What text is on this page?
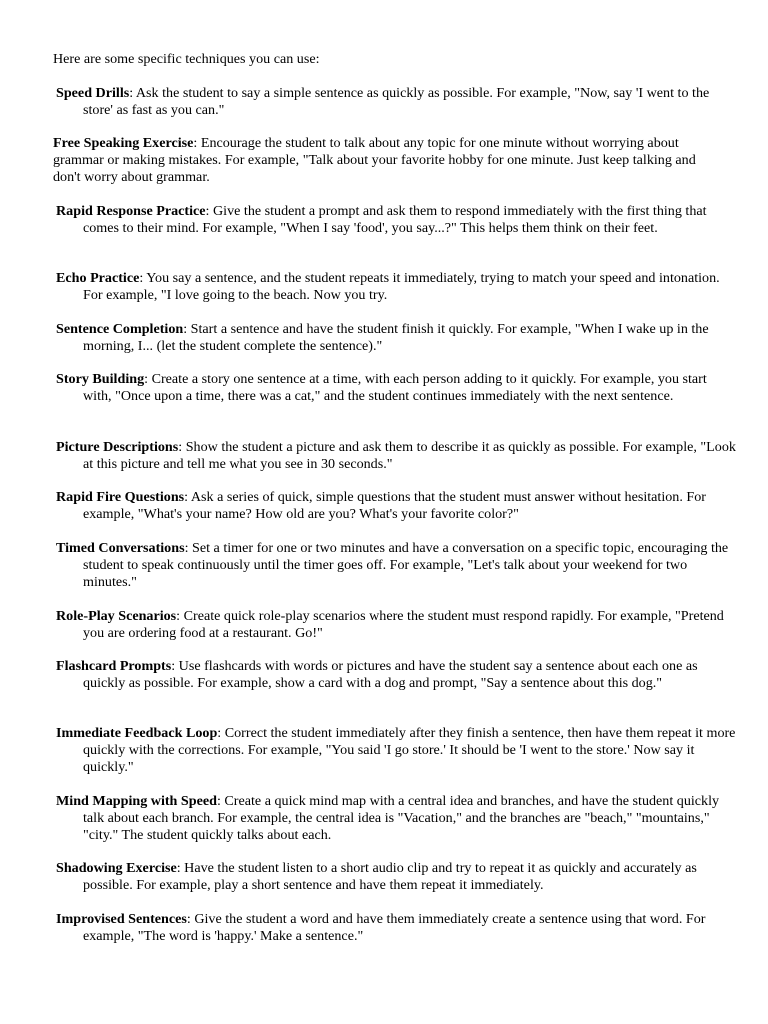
Here are some specific techniques you can use:

Speed Drills: Ask the student to say a simple sentence as quickly as possible. For example, "Now, say 'I went to the store' as fast as you can."

Free Speaking Exercise: Encourage the student to talk about any topic for one minute without worrying about grammar or making mistakes. For example, "Talk about your favorite hobby for one minute. Just keep talking and don't worry about grammar.

Rapid Response Practice: Give the student a prompt and ask them to respond immediately with the first thing that comes to their mind. For example, "When I say 'food', you say...?" This helps them think on their feet.

Echo Practice: You say a sentence, and the student repeats it immediately, trying to match your speed and intonation. For example, "I love going to the beach. Now you try.

Sentence Completion: Start a sentence and have the student finish it quickly. For example, "When I wake up in the morning, I... (let the student complete the sentence)."

Story Building: Create a story one sentence at a time, with each person adding to it quickly. For example, you start with, "Once upon a time, there was a cat," and the student continues immediately with the next sentence.

Picture Descriptions: Show the student a picture and ask them to describe it as quickly as possible. For example, "Look at this picture and tell me what you see in 30 seconds."

Rapid Fire Questions: Ask a series of quick, simple questions that the student must answer without hesitation. For example, "What's your name? How old are you? What's your favorite color?"

Timed Conversations: Set a timer for one or two minutes and have a conversation on a specific topic, encouraging the student to speak continuously until the timer goes off. For example, "Let's talk about your weekend for two minutes."

Role-Play Scenarios: Create quick role-play scenarios where the student must respond rapidly. For example, "Pretend you are ordering food at a restaurant. Go!"

Flashcard Prompts: Use flashcards with words or pictures and have the student say a sentence about each one as quickly as possible. For example, show a card with a dog and prompt, "Say a sentence about this dog."

Immediate Feedback Loop: Correct the student immediately after they finish a sentence, then have them repeat it more quickly with the corrections. For example, "You said 'I go store.' It should be 'I went to the store.' Now say it quickly."

Mind Mapping with Speed: Create a quick mind map with a central idea and branches, and have the student quickly talk about each branch. For example, the central idea is "Vacation," and the branches are "beach," "mountains," "city." The student quickly talks about each.

Shadowing Exercise: Have the student listen to a short audio clip and try to repeat it as quickly and accurately as possible. For example, play a short sentence and have them repeat it immediately.

Improvised Sentences: Give the student a word and have them immediately create a sentence using that word. For example, "The word is 'happy.' Make a sentence."
